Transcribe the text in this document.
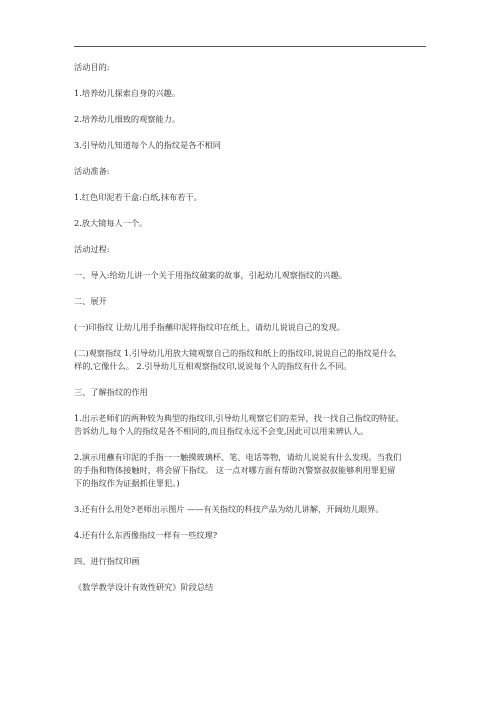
活动目的:
1.培养幼儿探索自身的兴趣。
2.培养幼儿细致的观察能力。
3.引导幼儿知道每个人的指纹是各不相同
活动准备:
1.红色印泥若干盒:白纸,抹布若干。
2.放大镜每人一个。
活动过程:
一、导入:给幼儿讲一个关于用指纹破案的故事，引起幼儿观察指纹的兴趣。
二、展开
(一)印指纹 让幼儿用手指蘸印泥将指纹印在纸上，请幼儿说说自己的发现。
(二)观察指纹 1.引导幼儿用放大镜观察自己的指纹和纸上的指纹印,说说自己的指纹是什么
样的,它像什么。 2.引导幼儿互相观察指纹印,说说每个人的指纹有什么不同。
三、了解指纹的作用
1.出示老师们的两种较为典型的指纹印,引导幼儿观察它们的差异，找一找自己指纹的特征。
告诉幼儿,每个人的指纹是各不相同的,而且指纹永远不会变,因此可以用来辨认人。
2.演示用蘸有印泥的手指一一触摸玻璃杯、笔、电话等物，请幼儿说说有什么发现。当我们
的手指和物体接触时，将会留下指纹。 这一点对哪方面有帮助?(警察叔叔能够利用罪犯留
下的指纹作为证据抓住罪犯。)
3.还有什么用处?老师出示图片 ——有关指纹的科技产品为幼儿讲解，开阔幼儿眼界。
4.还有什么东西像指纹一样有一些纹理?
四、进行指纹印画
《数学教学设计有效性研究》阶段总结
